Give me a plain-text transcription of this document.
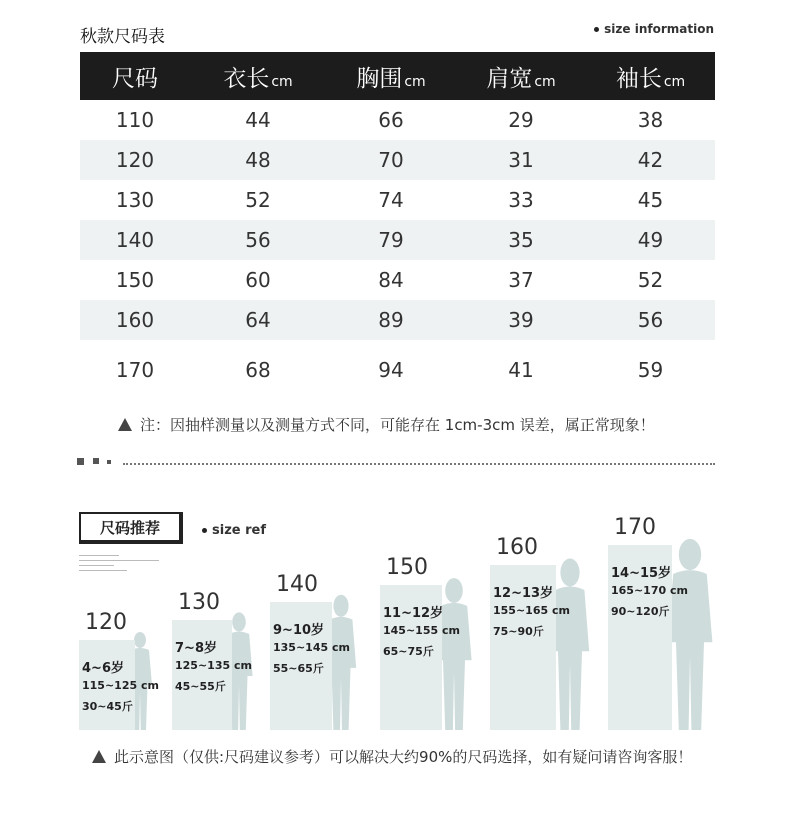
秋款尺码表	size information
尺码	衣长 cm	胸围 cm	肩宽 cm	袖长 cm
110	44	66	29	38
120	48	70	31	42
130	52	74	33	45
140	56	79	35	49
150	60	84	37	52
160	64	89	39	56
170	68	94	41	59
注：因抽样测量以及测量方式不同，可能存在 1cm-3cm 误差，属正常现象！
尺码推荐	size ref
120
4~6岁
115~125 cm
30~45斤
130
7~8岁
125~135 cm
45~55斤
140
9~10岁
135~145 cm
55~65斤
150
11~12岁
145~155 cm
65~75斤
160
12~13岁
155~165 cm
75~90斤
170
14~15岁
165~170 cm
90~120斤
此示意图（仅供:尺码建议参考）可以解决大约90%的尺码选择，如有疑问请咨询客服！
